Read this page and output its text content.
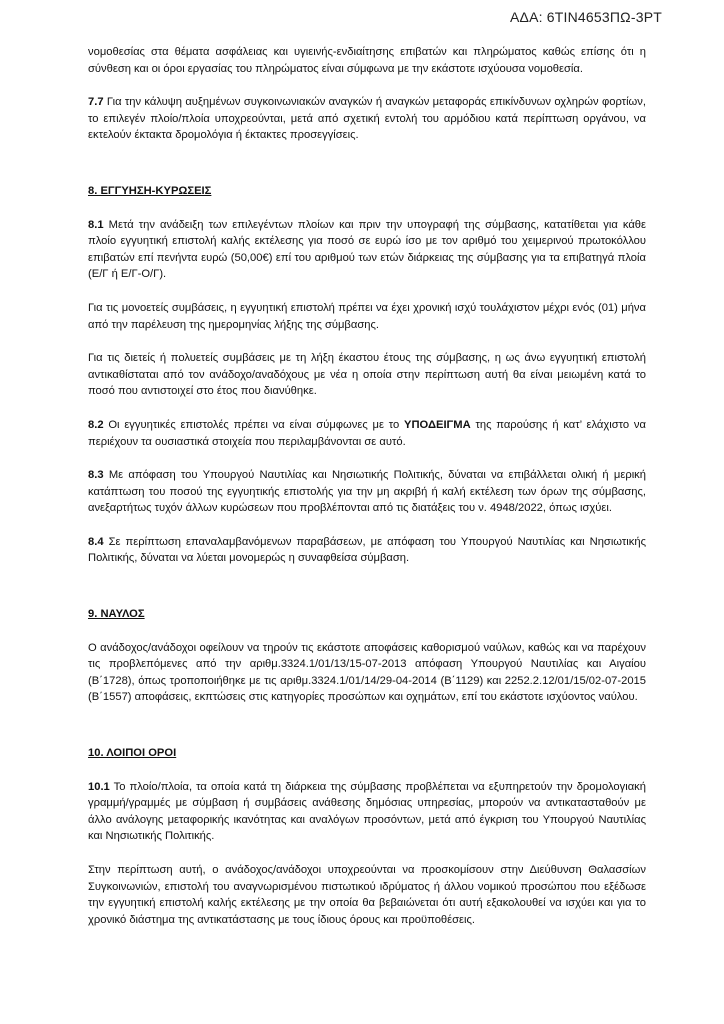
ΑΔΑ: 6ΤΙΝ4653ΠΩ-3ΡΤ

νομοθεσίας στα θέματα ασφάλειας και υγιεινής-ενδιαίτησης επιβατών και πληρώματος καθώς επίσης ότι η σύνθεση και οι όροι εργασίας του πληρώματος είναι σύμφωνα με την εκάστοτε ισχύουσα νομοθεσία.

7.7 Για την κάλυψη αυξημένων συγκοινωνιακών αναγκών ή αναγκών μεταφοράς επικίνδυνων οχληρών φορτίων, το επιλεγέν πλοίο/πλοία υποχρεούνται, μετά από σχετική εντολή του αρμόδιου κατά περίπτωση οργάνου, να εκτελούν έκτακτα δρομολόγια ή έκτακτες προσεγγίσεις.

8. ΕΓΓΥΗΣΗ-ΚΥΡΩΣΕΙΣ

8.1 Μετά την ανάδειξη των επιλεγέντων πλοίων και πριν την υπογραφή της σύμβασης, κατατίθεται για κάθε πλοίο εγγυητική επιστολή καλής εκτέλεσης για ποσό σε ευρώ ίσο με τον αριθμό του χειμερινού πρωτοκόλλου επιβατών επί πενήντα ευρώ (50,00€) επί του αριθμού των ετών διάρκειας της σύμβασης για τα επιβατηγά πλοία (Ε/Γ ή Ε/Γ-Ο/Γ).

Για τις μονοετείς συμβάσεις, η εγγυητική επιστολή πρέπει να έχει χρονική ισχύ τουλάχιστον μέχρι ενός (01) μήνα από την παρέλευση της ημερομηνίας λήξης της σύμβασης.

Για τις διετείς ή πολυετείς συμβάσεις με τη λήξη έκαστου έτους της σύμβασης, η ως άνω εγγυητική επιστολή αντικαθίσταται από τον ανάδοχο/αναδόχους με νέα η οποία στην περίπτωση αυτή θα είναι μειωμένη κατά το ποσό που αντιστοιχεί στο έτος που διανύθηκε.

8.2 Οι εγγυητικές επιστολές πρέπει να είναι σύμφωνες με το ΥΠΟΔΕΙΓΜΑ της παρούσης ή κατ’ ελάχιστο να περιέχουν τα ουσιαστικά στοιχεία που περιλαμβάνονται σε αυτό.

8.3 Με απόφαση του Υπουργού Ναυτιλίας και Νησιωτικής Πολιτικής, δύναται να επιβάλλεται ολική ή μερική κατάπτωση του ποσού της εγγυητικής επιστολής για την μη ακριβή ή καλή εκτέλεση των όρων της σύμβασης, ανεξαρτήτως τυχόν άλλων κυρώσεων που προβλέπονται από τις διατάξεις του ν. 4948/2022, όπως ισχύει.

8.4 Σε περίπτωση επαναλαμβανόμενων παραβάσεων, με απόφαση του Υπουργού Ναυτιλίας και Νησιωτικής Πολιτικής, δύναται να λύεται μονομερώς η συναφθείσα σύμβαση.

9. ΝΑΥΛΟΣ

Ο ανάδοχος/ανάδοχοι οφείλουν να τηρούν τις εκάστοτε αποφάσεις καθορισμού ναύλων, καθώς και να παρέχουν τις προβλεπόμενες από την αριθμ.3324.1/01/13/15-07-2013 απόφαση Υπουργού Ναυτιλίας και Αιγαίου (Β΄1728), όπως τροποποιήθηκε με τις αριθμ.3324.1/01/14/29-04-2014 (Β΄1129) και 2252.2.12/01/15/02-07-2015 (Β΄1557) αποφάσεις, εκπτώσεις στις κατηγορίες προσώπων και οχημάτων, επί του εκάστοτε ισχύοντος ναύλου.

10. ΛΟΙΠΟΙ ΟΡΟΙ

10.1 Το πλοίο/πλοία, τα οποία κατά τη διάρκεια της σύμβασης προβλέπεται να εξυπηρετούν την δρομολογιακή γραμμή/γραμμές με σύμβαση ή συμβάσεις ανάθεσης δημόσιας υπηρεσίας, μπορούν να αντικατασταθούν με άλλο ανάλογης μεταφορικής ικανότητας και αναλόγων προσόντων, μετά από έγκριση του Υπουργού Ναυτιλίας και Νησιωτικής Πολιτικής.

Στην περίπτωση αυτή, ο ανάδοχος/ανάδοχοι υποχρεούνται να προσκομίσουν στην Διεύθυνση Θαλασσίων Συγκοινωνιών, επιστολή του αναγνωρισμένου πιστωτικού ιδρύματος ή άλλου νομικού προσώπου που εξέδωσε την εγγυητική επιστολή καλής εκτέλεσης με την οποία θα βεβαιώνεται ότι αυτή εξακολουθεί να ισχύει και για το χρονικό διάστημα της αντικατάστασης με τους ίδιους όρους και προϋποθέσεις.
